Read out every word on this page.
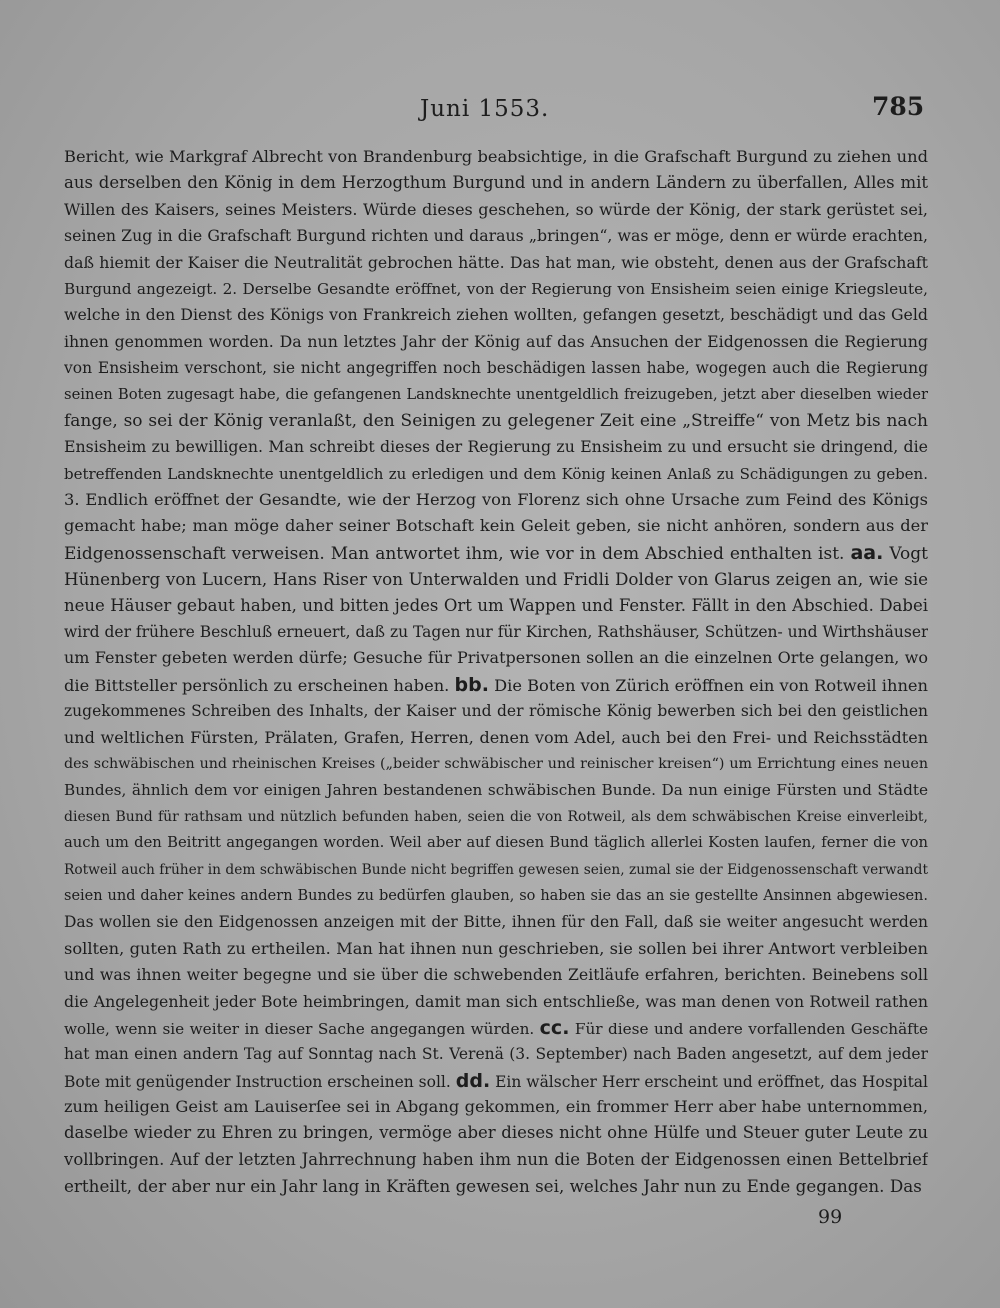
Juni 1553.	785
Bericht, wie Markgraf Albrecht von Brandenburg beabsichtige, in die Grafschaft Burgund zu ziehen und
aus derselben den König in dem Herzogthum Burgund und in andern Ländern zu überfallen, Alles mit
Willen des Kaisers, seines Meisters. Würde dieses geschehen, so würde der König, der stark gerüstet sei,
seinen Zug in die Grafschaft Burgund richten und daraus „bringen“, was er möge, denn er würde erachten,
daß hiemit der Kaiser die Neutralität gebrochen hätte. Das hat man, wie obsteht, denen aus der Grafschaft
Burgund angezeigt. 2. Derselbe Gesandte eröffnet, von der Regierung von Ensisheim seien einige Kriegsleute,
welche in den Dienst des Königs von Frankreich ziehen wollten, gefangen gesetzt, beschädigt und das Geld
ihnen genommen worden. Da nun letztes Jahr der König auf das Ansuchen der Eidgenossen die Regierung
von Ensisheim verschont, sie nicht angegriffen noch beschädigen lassen habe, wogegen auch die Regierung
seinen Boten zugesagt habe, die gefangenen Landsknechte unentgeldlich freizugeben, jetzt aber dieselben wieder
fange, so sei der König veranlaßt, den Seinigen zu gelegener Zeit eine „Streiffe“ von Metz bis nach
Ensisheim zu bewilligen. Man schreibt dieses der Regierung zu Ensisheim zu und ersucht sie dringend, die
betreffenden Landsknechte unentgeldlich zu erledigen und dem König keinen Anlaß zu Schädigungen zu geben.
3. Endlich eröffnet der Gesandte, wie der Herzog von Florenz sich ohne Ursache zum Feind des Königs
gemacht habe; man möge daher seiner Botschaft kein Geleit geben, sie nicht anhören, sondern aus der
Eidgenossenschaft verweisen. Man antwortet ihm, wie vor in dem Abschied enthalten ist. aa. Vogt
Hünenberg von Lucern, Hans Riser von Unterwalden und Fridli Dolder von Glarus zeigen an, wie sie
neue Häuser gebaut haben, und bitten jedes Ort um Wappen und Fenster. Fällt in den Abschied. Dabei
wird der frühere Beschluß erneuert, daß zu Tagen nur für Kirchen, Rathshäuser, Schützen- und Wirthshäuser
um Fenster gebeten werden dürfe; Gesuche für Privatpersonen sollen an die einzelnen Orte gelangen, wo
die Bittsteller persönlich zu erscheinen haben. bb. Die Boten von Zürich eröffnen ein von Rotweil ihnen
zugekommenes Schreiben des Inhalts, der Kaiser und der römische König bewerben sich bei den geistlichen
und weltlichen Fürsten, Prälaten, Grafen, Herren, denen vom Adel, auch bei den Frei- und Reichsstädten
des schwäbischen und rheinischen Kreises („beider schwäbischer und reinischer kreisen“) um Errichtung eines neuen
Bundes, ähnlich dem vor einigen Jahren bestandenen schwäbischen Bunde. Da nun einige Fürsten und Städte
diesen Bund für rathsam und nützlich befunden haben, seien die von Rotweil, als dem schwäbischen Kreise einverleibt,
auch um den Beitritt angegangen worden. Weil aber auf diesen Bund täglich allerlei Kosten laufen, ferner die von
Rotweil auch früher in dem schwäbischen Bunde nicht begriffen gewesen seien, zumal sie der Eidgenossenschaft verwandt
seien und daher keines andern Bundes zu bedürfen glauben, so haben sie das an sie gestellte Ansinnen abgewiesen.
Das wollen sie den Eidgenossen anzeigen mit der Bitte, ihnen für den Fall, daß sie weiter angesucht werden
sollten, guten Rath zu ertheilen. Man hat ihnen nun geschrieben, sie sollen bei ihrer Antwort verbleiben
und was ihnen weiter begegne und sie über die schwebenden Zeitläufe erfahren, berichten. Beinebens soll
die Angelegenheit jeder Bote heimbringen, damit man sich entschließe, was man denen von Rotweil rathen
wolle, wenn sie weiter in dieser Sache angegangen würden. cc. Für diese und andere vorfallenden Geschäfte
hat man einen andern Tag auf Sonntag nach St. Verenä (3. September) nach Baden angesetzt, auf dem jeder
Bote mit genügender Instruction erscheinen soll. dd. Ein wälscher Herr erscheint und eröffnet, das Hospital
zum heiligen Geist am Lauiserſee sei in Abgang gekommen, ein frommer Herr aber habe unternommen,
daselbe wieder zu Ehren zu bringen, vermöge aber dieses nicht ohne Hülfe und Steuer guter Leute zu
vollbringen. Auf der letzten Jahrrechnung haben ihm nun die Boten der Eidgenossen einen Bettelbrief
ertheilt, der aber nur ein Jahr lang in Kräften gewesen sei, welches Jahr nun zu Ende gegangen. Das
99
